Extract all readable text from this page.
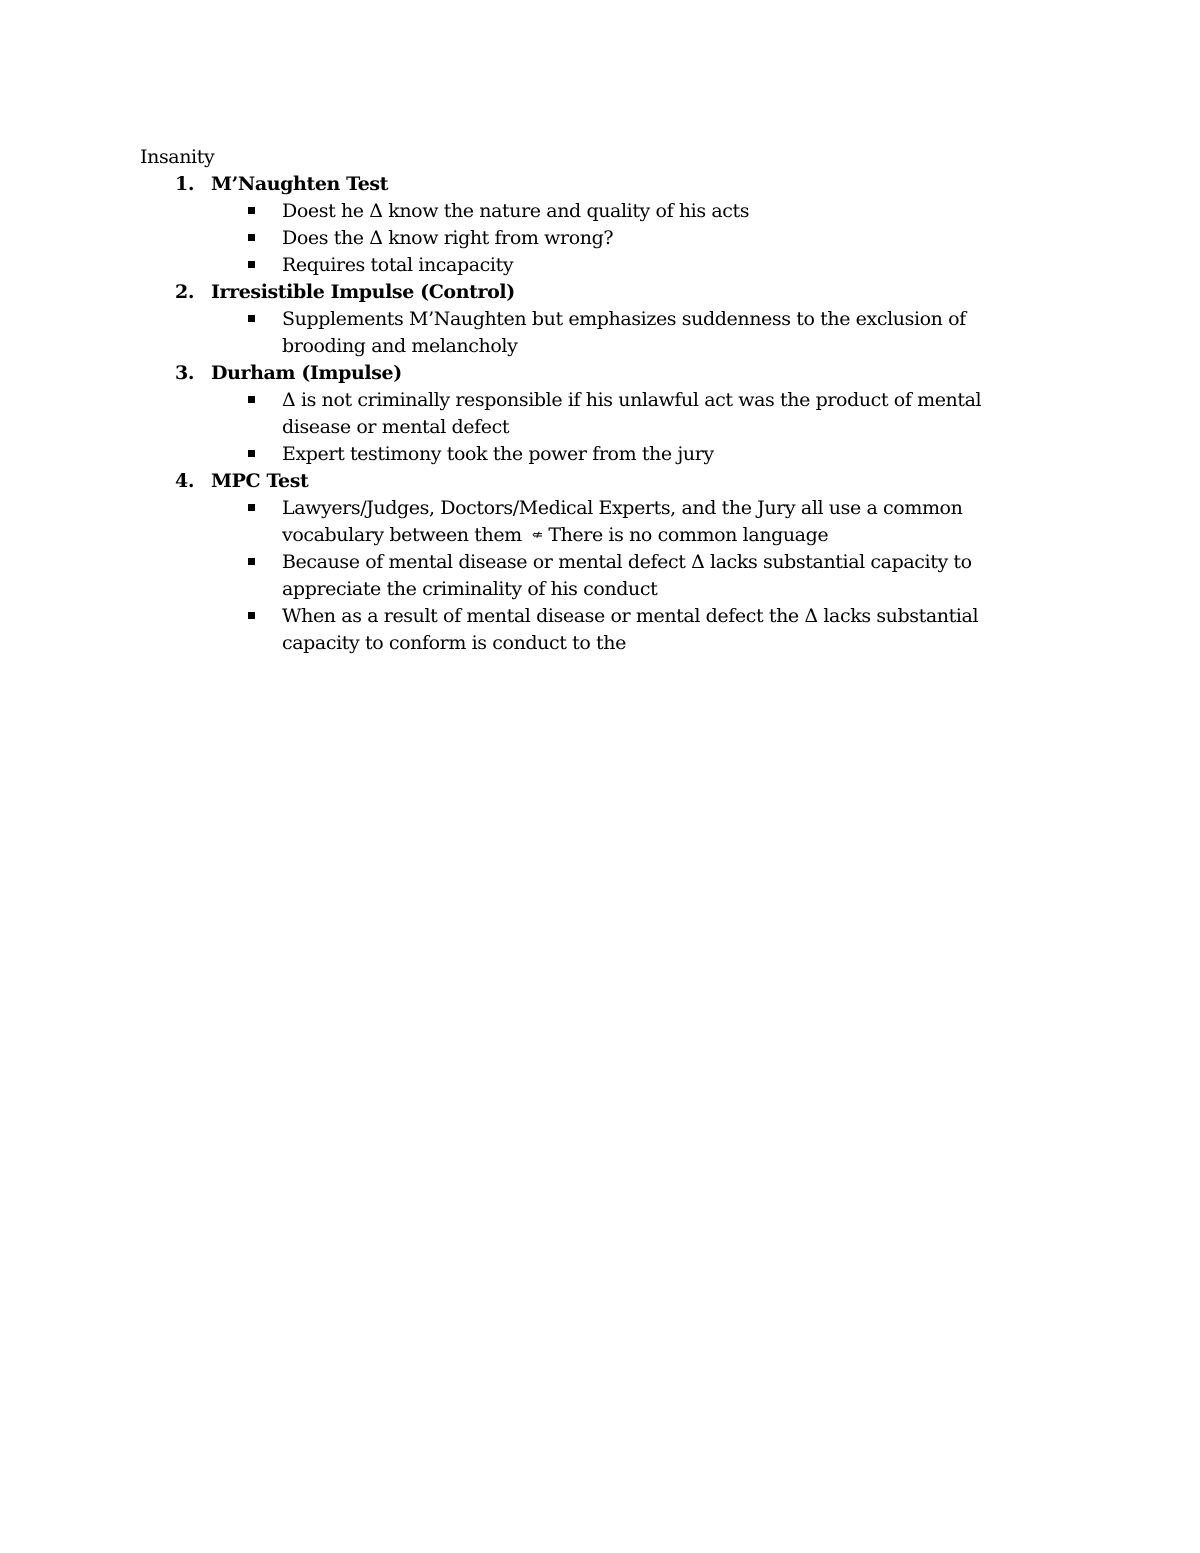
Insanity
1. M’Naughten Test
Doest he Δ know the nature and quality of his acts
Does the Δ know right from wrong?
Requires total incapacity
2. Irresistible Impulse (Control)
Supplements M’Naughten but emphasizes suddenness to the exclusion of brooding and melancholy
3. Durham (Impulse)
Δ is not criminally responsible if his unlawful act was the product of mental disease or mental defect
Expert testimony took the power from the jury
4. MPC Test
Lawyers/Judges, Doctors/Medical Experts, and the Jury all use a common vocabulary between them ⇍ There is no common language
Because of mental disease or mental defect Δ lacks substantial capacity to appreciate the criminality of his conduct
When as a result of mental disease or mental defect the Δ lacks substantial capacity to conform is conduct to the
